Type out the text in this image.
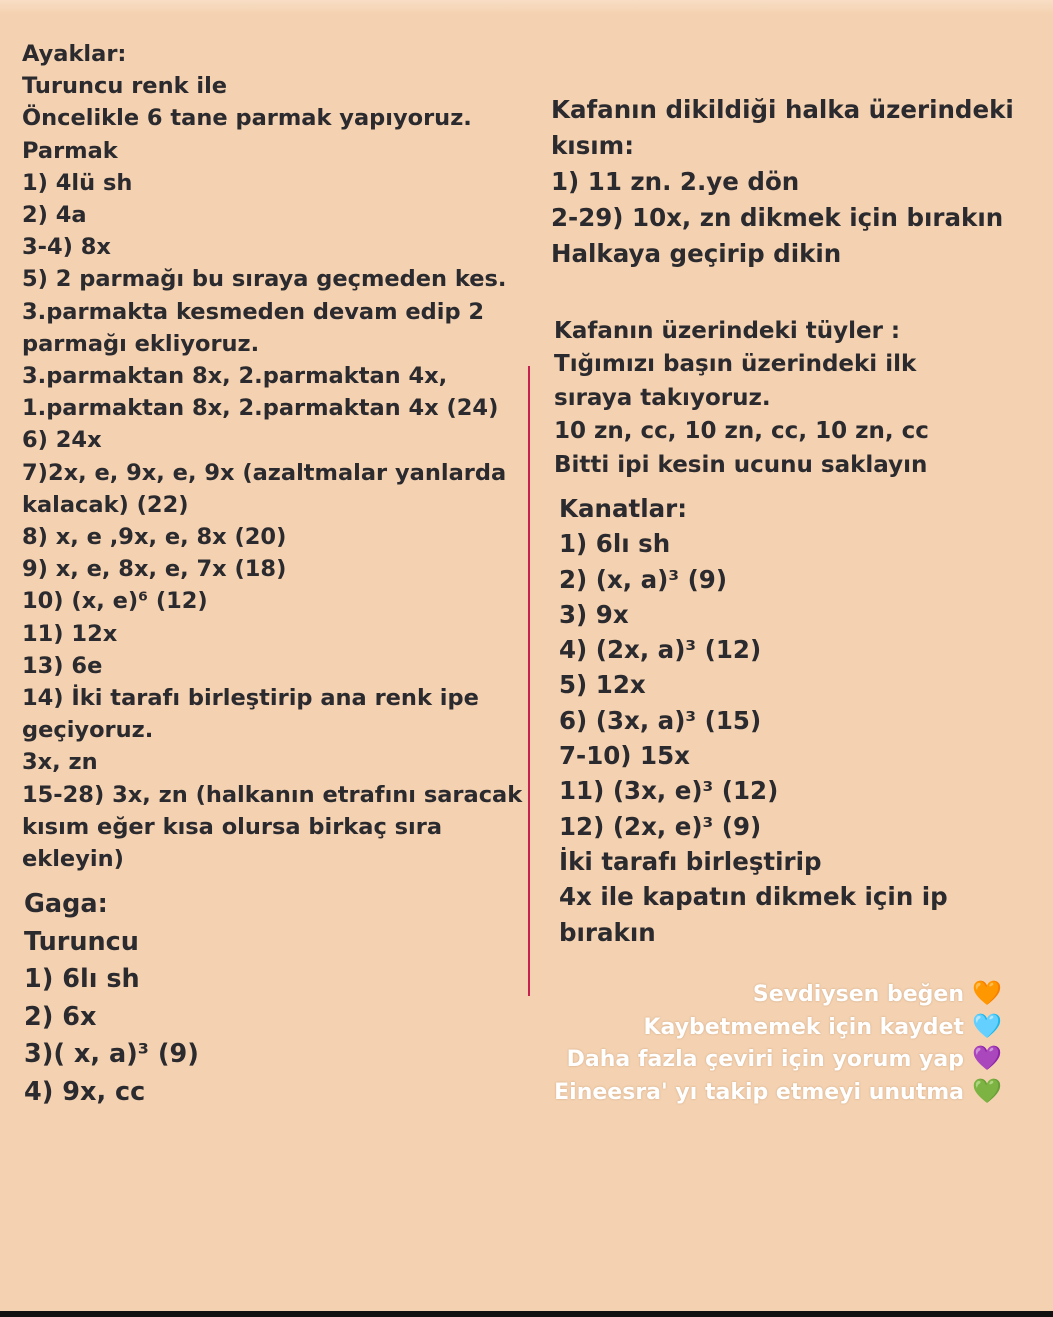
Ayaklar:
Turuncu renk ile
Öncelikle 6 tane parmak yapıyoruz.
Parmak
1) 4lü sh
2) 4a
3-4) 8x
5) 2 parmağı bu sıraya geçmeden kes.
3.parmakta kesmeden devam edip 2
parmağı ekliyoruz.
3.parmaktan 8x, 2.parmaktan 4x,
1.parmaktan 8x, 2.parmaktan 4x (24)
6) 24x
7)2x, e, 9x, e, 9x (azaltmalar yanlarda
kalacak) (22)
8) x, e ,9x, e, 8x (20)
9) x, e, 8x, e, 7x (18)
10) (x, e)⁶ (12)
11) 12x
13) 6e
14) İki tarafı birleştirip ana renk ipe
geçiyoruz.
3x, zn
15-28) 3x, zn (halkanın etrafını saracak
kısım eğer kısa olursa birkaç sıra
ekleyin)
Gaga:
Turuncu
1) 6lı sh
2) 6x
3)( x, a)³ (9)
4) 9x, cc
Kafanın dikildiği halka üzerindeki
kısım:
1) 11 zn. 2.ye dön
2-29) 10x, zn dikmek için bırakın
Halkaya geçirip dikin
Kafanın üzerindeki tüyler :
Tığımızı başın üzerindeki ilk
sıraya takıyoruz.
10 zn, cc, 10 zn, cc, 10 zn, cc
Bitti ipi kesin ucunu saklayın
Kanatlar:
1) 6lı sh
2) (x, a)³ (9)
3) 9x
4) (2x, a)³ (12)
5) 12x
6) (3x, a)³ (15)
7-10) 15x
11) (3x, e)³ (12)
12) (2x, e)³ (9)
İki tarafı birleştirip
4x ile kapatın dikmek için ip
bırakın
Sevdiysen beğen 🧡
Kaybetmemek için kaydet 🩵
Daha fazla çeviri için yorum yap 💜
Eineesra' yı takip etmeyi unutma 💚
